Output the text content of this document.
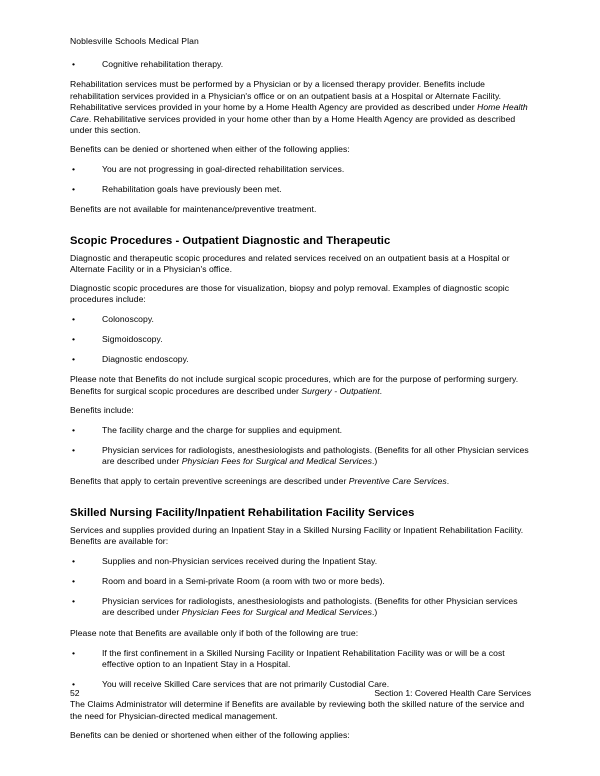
Noblesville Schools Medical Plan
•	Cognitive rehabilitation therapy.

Rehabilitation services must be performed by a Physician or by a licensed therapy provider. Benefits include rehabilitation services provided in a Physician's office or on an outpatient basis at a Hospital or Alternate Facility. Rehabilitative services provided in your home by a Home Health Agency are provided as described under Home Health Care. Rehabilitative services provided in your home other than by a Home Health Agency are provided as described under this section.

Benefits can be denied or shortened when either of the following applies:

•	You are not progressing in goal-directed rehabilitation services.
•	Rehabilitation goals have previously been met.

Benefits are not available for maintenance/preventive treatment.

Scopic Procedures - Outpatient Diagnostic and Therapeutic

Diagnostic and therapeutic scopic procedures and related services received on an outpatient basis at a Hospital or Alternate Facility or in a Physician's office.

Diagnostic scopic procedures are those for visualization, biopsy and polyp removal. Examples of diagnostic scopic procedures include:

•	Colonoscopy.
•	Sigmoidoscopy.
•	Diagnostic endoscopy.

Please note that Benefits do not include surgical scopic procedures, which are for the purpose of performing surgery. Benefits for surgical scopic procedures are described under Surgery - Outpatient.

Benefits include:

•	The facility charge and the charge for supplies and equipment.
•	Physician services for radiologists, anesthesiologists and pathologists. (Benefits for all other Physician services are described under Physician Fees for Surgical and Medical Services.)

Benefits that apply to certain preventive screenings are described under Preventive Care Services.

Skilled Nursing Facility/Inpatient Rehabilitation Facility Services

Services and supplies provided during an Inpatient Stay in a Skilled Nursing Facility or Inpatient Rehabilitation Facility. Benefits are available for:

•	Supplies and non-Physician services received during the Inpatient Stay.
•	Room and board in a Semi-private Room (a room with two or more beds).
•	Physician services for radiologists, anesthesiologists and pathologists. (Benefits for other Physician services are described under Physician Fees for Surgical and Medical Services.)

Please note that Benefits are available only if both of the following are true:

•	If the first confinement in a Skilled Nursing Facility or Inpatient Rehabilitation Facility was or will be a cost effective option to an Inpatient Stay in a Hospital.
•	You will receive Skilled Care services that are not primarily Custodial Care.

The Claims Administrator will determine if Benefits are available by reviewing both the skilled nature of the service and the need for Physician-directed medical management.

Benefits can be denied or shortened when either of the following applies:

52	Section 1: Covered Health Care Services
